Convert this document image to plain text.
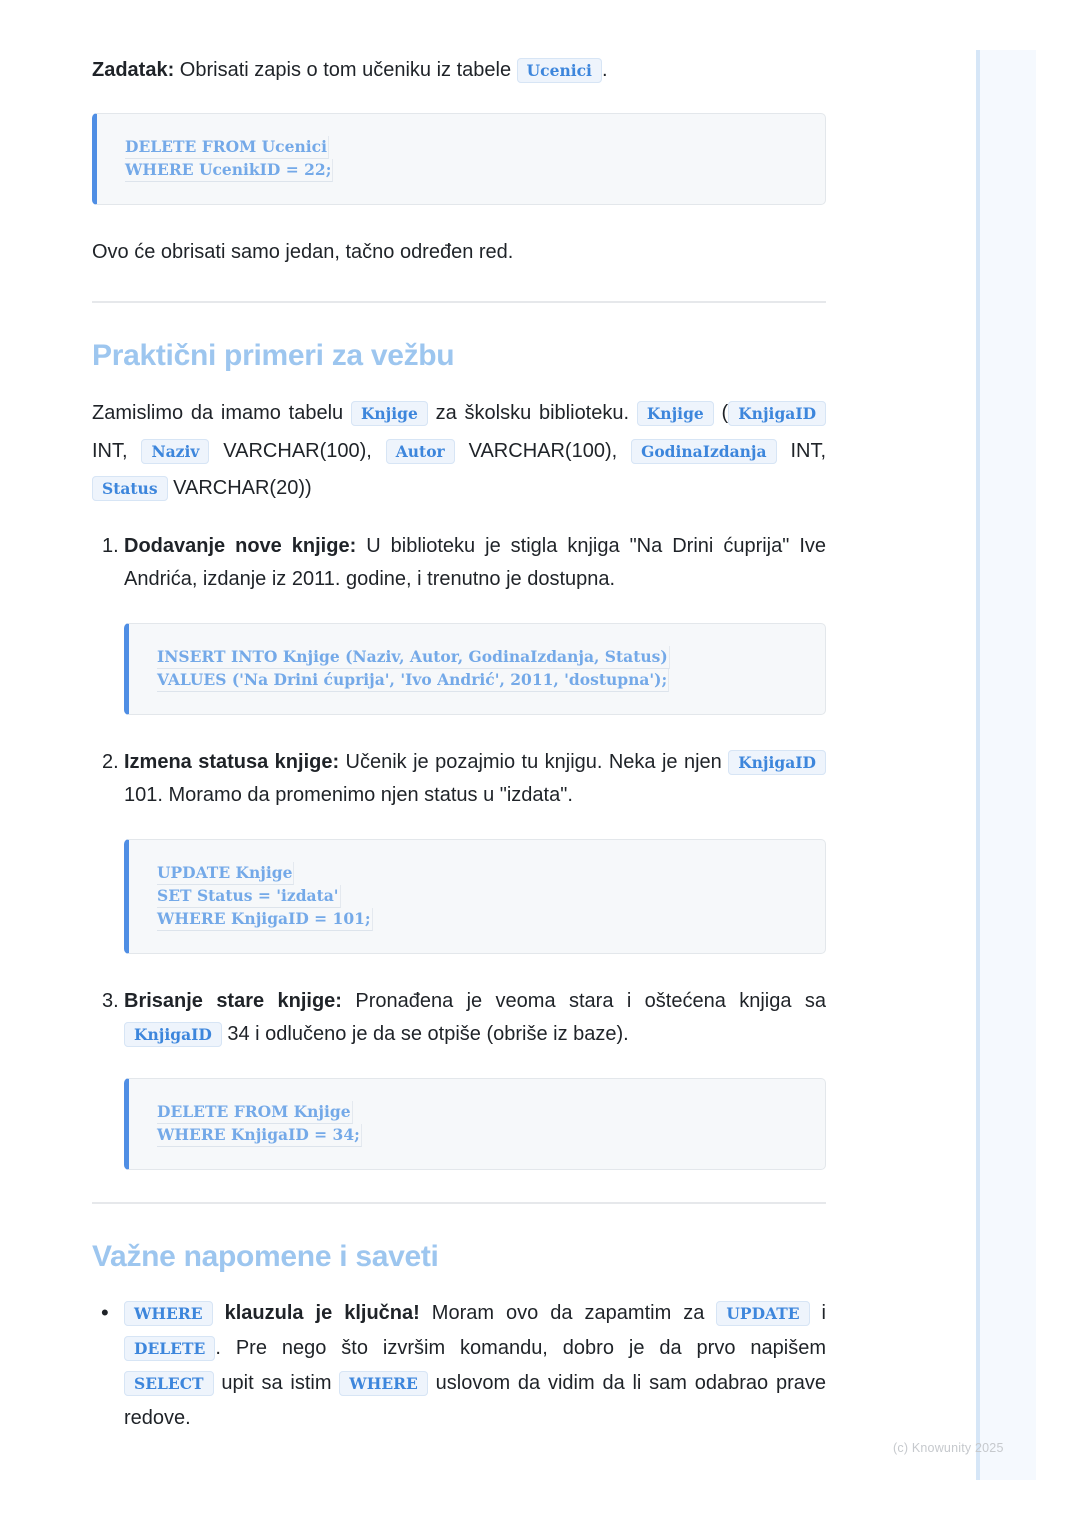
(c) Knowunity 2025

Zadatak: Obrisati zapis o tom učeniku iz tabele Ucenici .

DELETE FROM Ucenici
WHERE UcenikID = 22;

Ovo će obrisati samo jedan, tačno određen red.

Praktični primeri za vežbu

Zamislimo da imamo tabelu Knjige za školsku biblioteku. Knjige ( KnjigaID INT, Naziv VARCHAR(100), Autor VARCHAR(100), GodinaIzdanja INT, Status VARCHAR(20))

1. Dodavanje nove knjige: U biblioteku je stigla knjiga "Na Drini ćuprija" Ive Andrića, izdanje iz 2011. godine, i trenutno je dostupna.

INSERT INTO Knjige (Naziv, Autor, GodinaIzdanja, Status)
VALUES ('Na Drini ćuprija', 'Ivo Andrić', 2011, 'dostupna');
2. Izmena statusa knjige: Učenik je pozajmio tu knjigu. Neka je njen KnjigaID 101. Moramo da promenimo njen status u "izdata".

UPDATE Knjige
SET Status = 'izdata'
WHERE KnjigaID = 101;
3. Brisanje stare knjige: Pronađena je veoma stara i oštećena knjiga sa KnjigaID 34 i odlučeno je da se otpiše (obriše iz baze).

DELETE FROM Knjige
WHERE KnjigaID = 34;
Važne napomene i saveti
•	WHERE klauzula je ključna! Moram ovo da zapamtim za UPDATE i DELETE . Pre nego što izvršim komandu, dobro je da prvo napišem SELECT upit sa istim WHERE uslovom da vidim da li sam odabrao prave redove.
